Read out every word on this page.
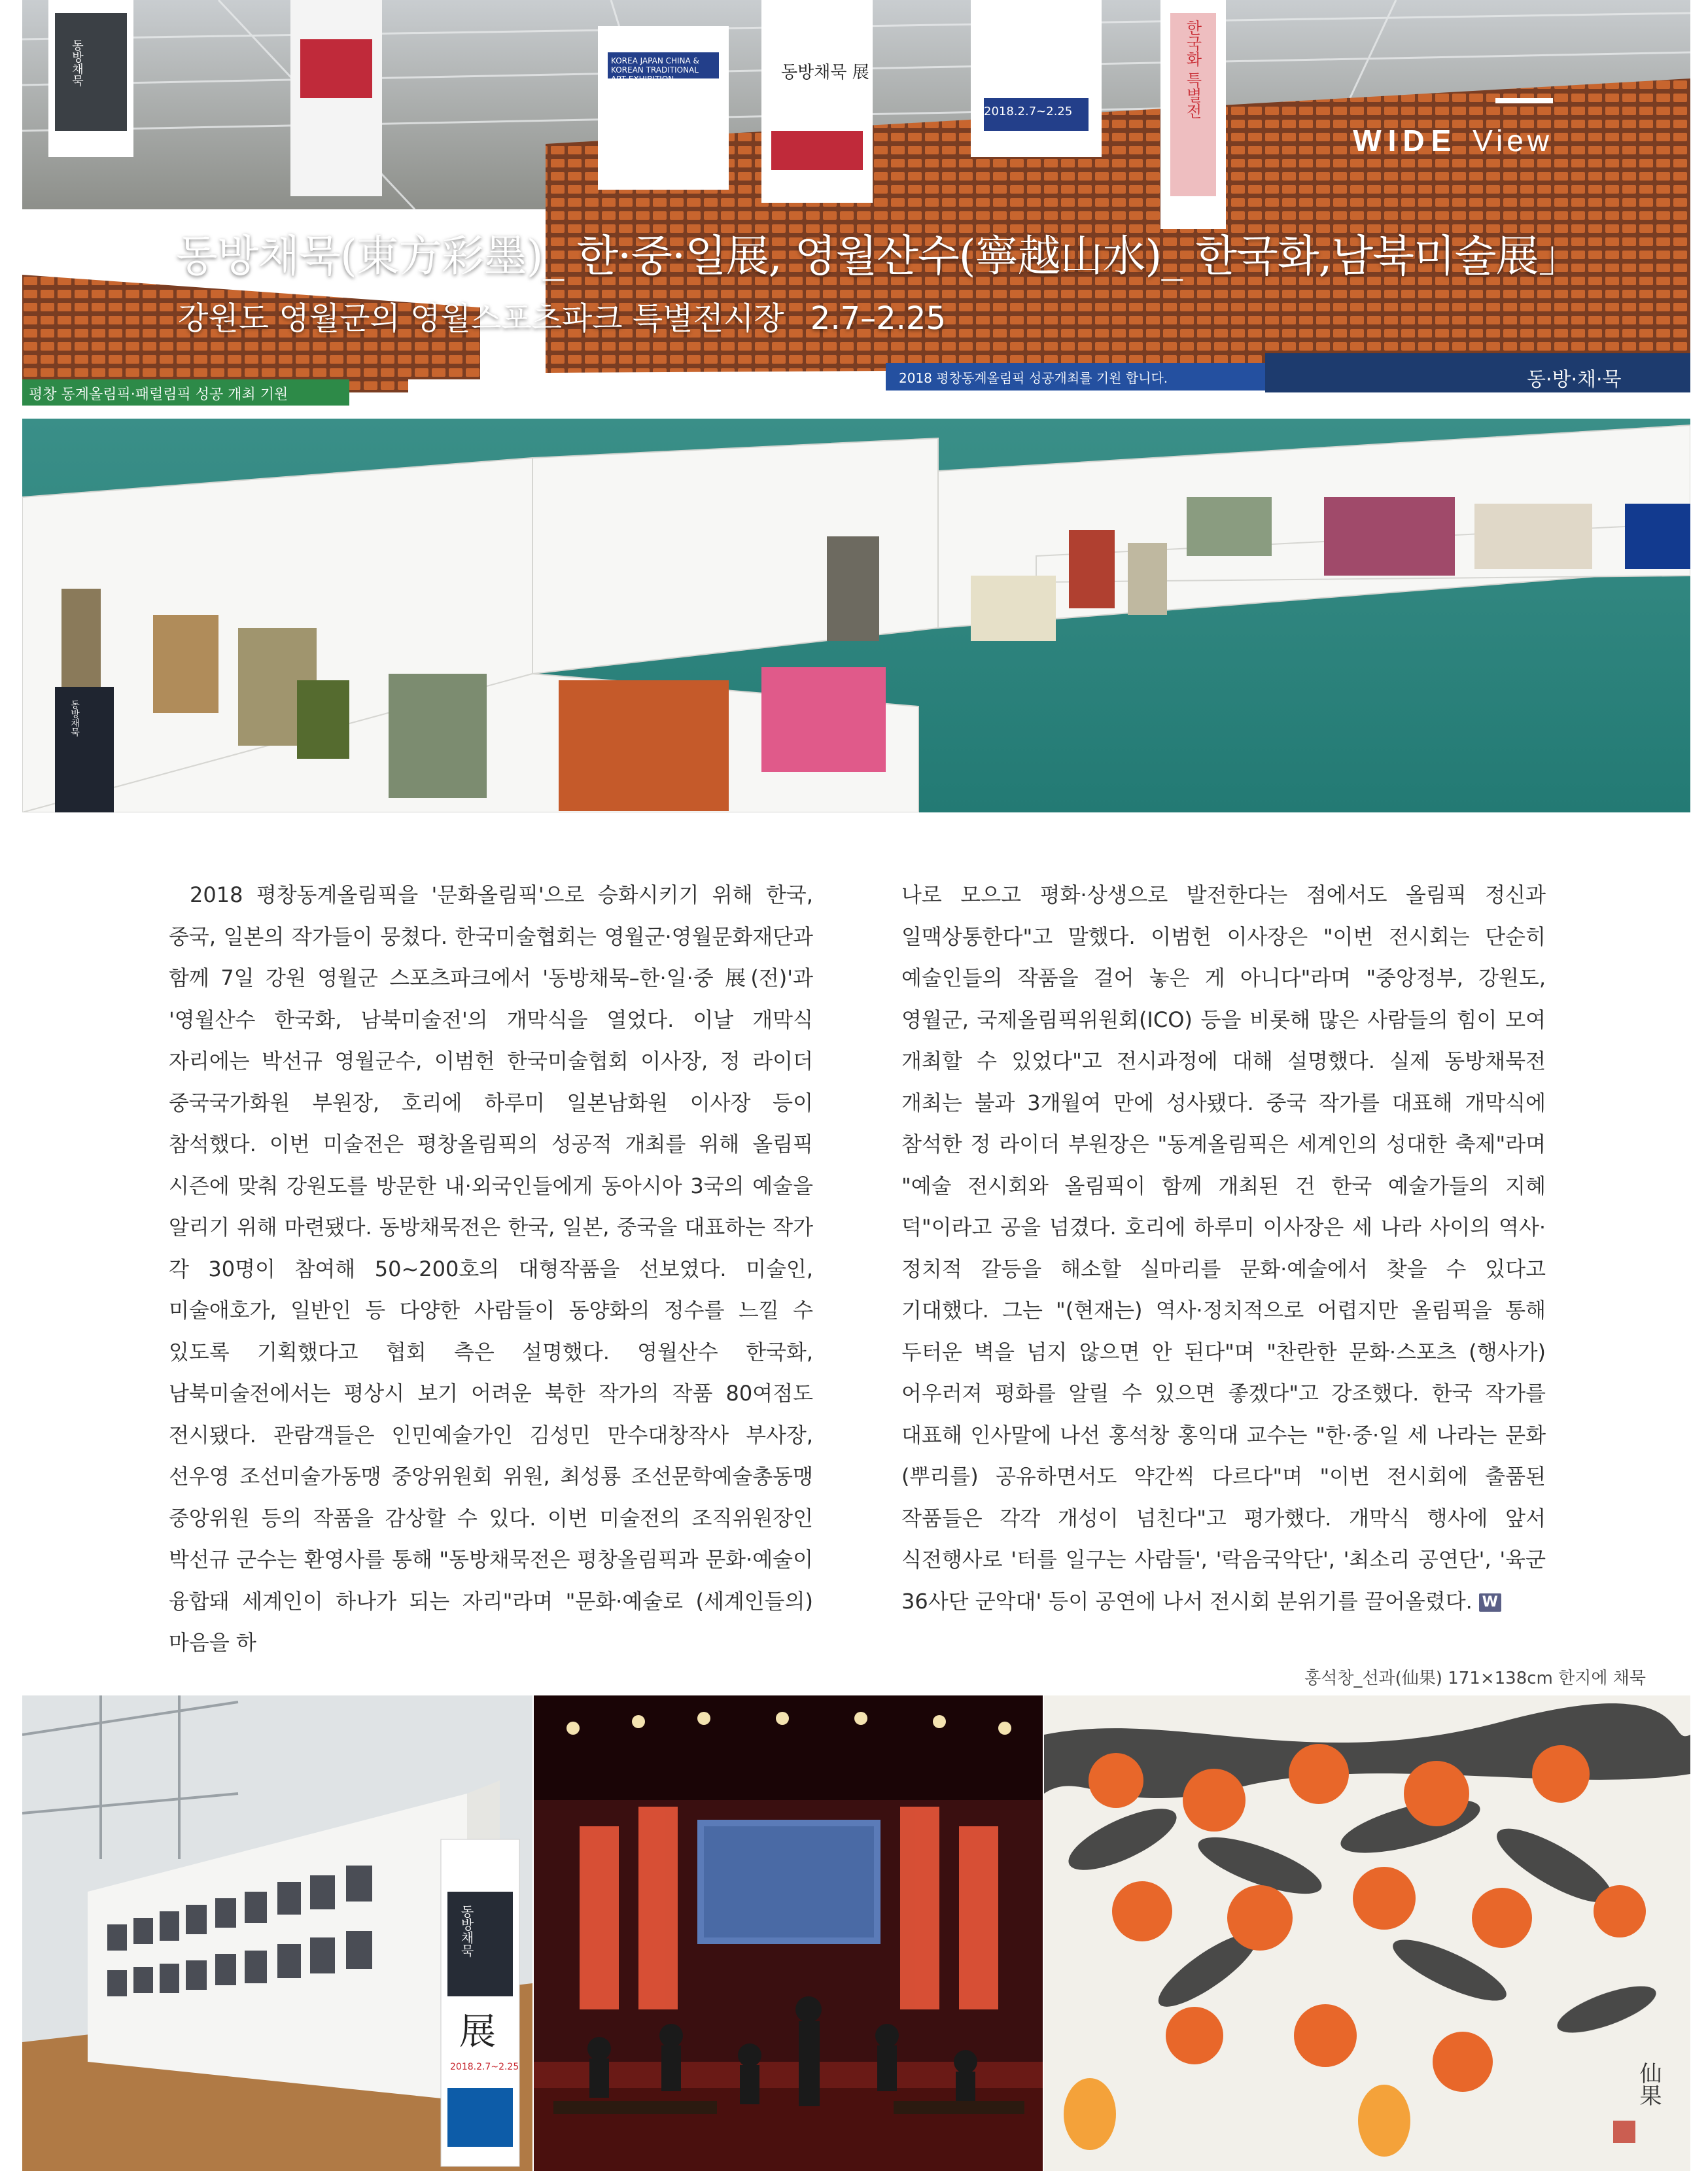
WIDE View
동방채묵(東方彩墨)_ 한·중·일展, 영월산수(寧越山水)_ 한국화,남북미술展」
강원도 영월군의 영월스포츠파크 특별전시장 2.7–2.25
평창 동계올림픽·패럴림픽 성공 개최 기원
2018 평창동계올림픽 성공개최를 기원 합니다.	동·방·채·묵
동방채묵	KOREA JAPAN CHINA & KOREAN TRADITIONAL ART EXHIBITION	동방채묵 展	한국화 특별전
2018.2.7~2.25
동방채묵

2018 평창동계올림픽을 '문화올림픽'으로 승화시키기 위해 한국, 중국, 일본의 작가들이 뭉쳤다. 한국미술협회는 영월군·영월문화재단과 함께 7일 강원 영월군 스포츠파크에서 '동방채묵–한·일·중 展(전)'과 '영월산수 한국화, 남북미술전'의 개막식을 열었다. 이날 개막식 자리에는 박선규 영월군수, 이범헌 한국미술협회 이사장, 정 라이더 중국국가화원 부원장, 호리에 하루미 일본남화원 이사장 등이 참석했다. 이번 미술전은 평창올림픽의 성공적 개최를 위해 올림픽 시즌에 맞춰 강원도를 방문한 내·외국인들에게 동아시아 3국의 예술을 알리기 위해 마련됐다. 동방채묵전은 한국, 일본, 중국을 대표하는 작가 각 30명이 참여해 50~200호의 대형작품을 선보였다. 미술인, 미술애호가, 일반인 등 다양한 사람들이 동양화의 정수를 느낄 수 있도록 기획했다고 협회 측은 설명했다. 영월산수 한국화, 남북미술전에서는 평상시 보기 어려운 북한 작가의 작품 80여점도 전시됐다. 관람객들은 인민예술가인 김성민 만수대창작사 부사장, 선우영 조선미술가동맹 중앙위원회 위원, 최성룡 조선문학예술총동맹 중앙위원 등의 작품을 감상할 수 있다. 이번 미술전의 조직위원장인 박선규 군수는 환영사를 통해 "동방채묵전은 평창올림픽과 문화·예술이 융합돼 세계인이 하나가 되는 자리"라며 "문화·예술로 (세계인들의) 마음을 하

나로 모으고 평화·상생으로 발전한다는 점에서도 올림픽 정신과 일맥상통한다"고 말했다. 이범헌 이사장은 "이번 전시회는 단순히 예술인들의 작품을 걸어 놓은 게 아니다"라며 "중앙정부, 강원도, 영월군, 국제올림픽위원회(ICO) 등을 비롯해 많은 사람들의 힘이 모여 개최할 수 있었다"고 전시과정에 대해 설명했다. 실제 동방채묵전 개최는 불과 3개월여 만에 성사됐다. 중국 작가를 대표해 개막식에 참석한 정 라이더 부원장은 "동계올림픽은 세계인의 성대한 축제"라며 "예술 전시회와 올림픽이 함께 개최된 건 한국 예술가들의 지혜 덕"이라고 공을 넘겼다. 호리에 하루미 이사장은 세 나라 사이의 역사·정치적 갈등을 해소할 실마리를 문화·예술에서 찾을 수 있다고 기대했다. 그는 "(현재는) 역사·정치적으로 어렵지만 올림픽을 통해 두터운 벽을 넘지 않으면 안 된다"며 "찬란한 문화·스포츠 (행사가) 어우러져 평화를 알릴 수 있으면 좋겠다"고 강조했다. 한국 작가를 대표해 인사말에 나선 홍석창 홍익대 교수는 "한·중·일 세 나라는 문화 (뿌리를) 공유하면서도 약간씩 다르다"며 "이번 전시회에 출품된 작품들은 각각 개성이 넘친다"고 평가했다. 개막식 행사에 앞서 식전행사로 '터를 일구는 사람들', '락음국악단', '최소리 공연단', '육군 36사단 군악대' 등이 공연에 나서 전시회 분위기를 끌어올렸다. W

홍석창_선과(仙果) 171×138cm 한지에 채묵
동방채묵
展
2018.2.7~2.25	仙果
